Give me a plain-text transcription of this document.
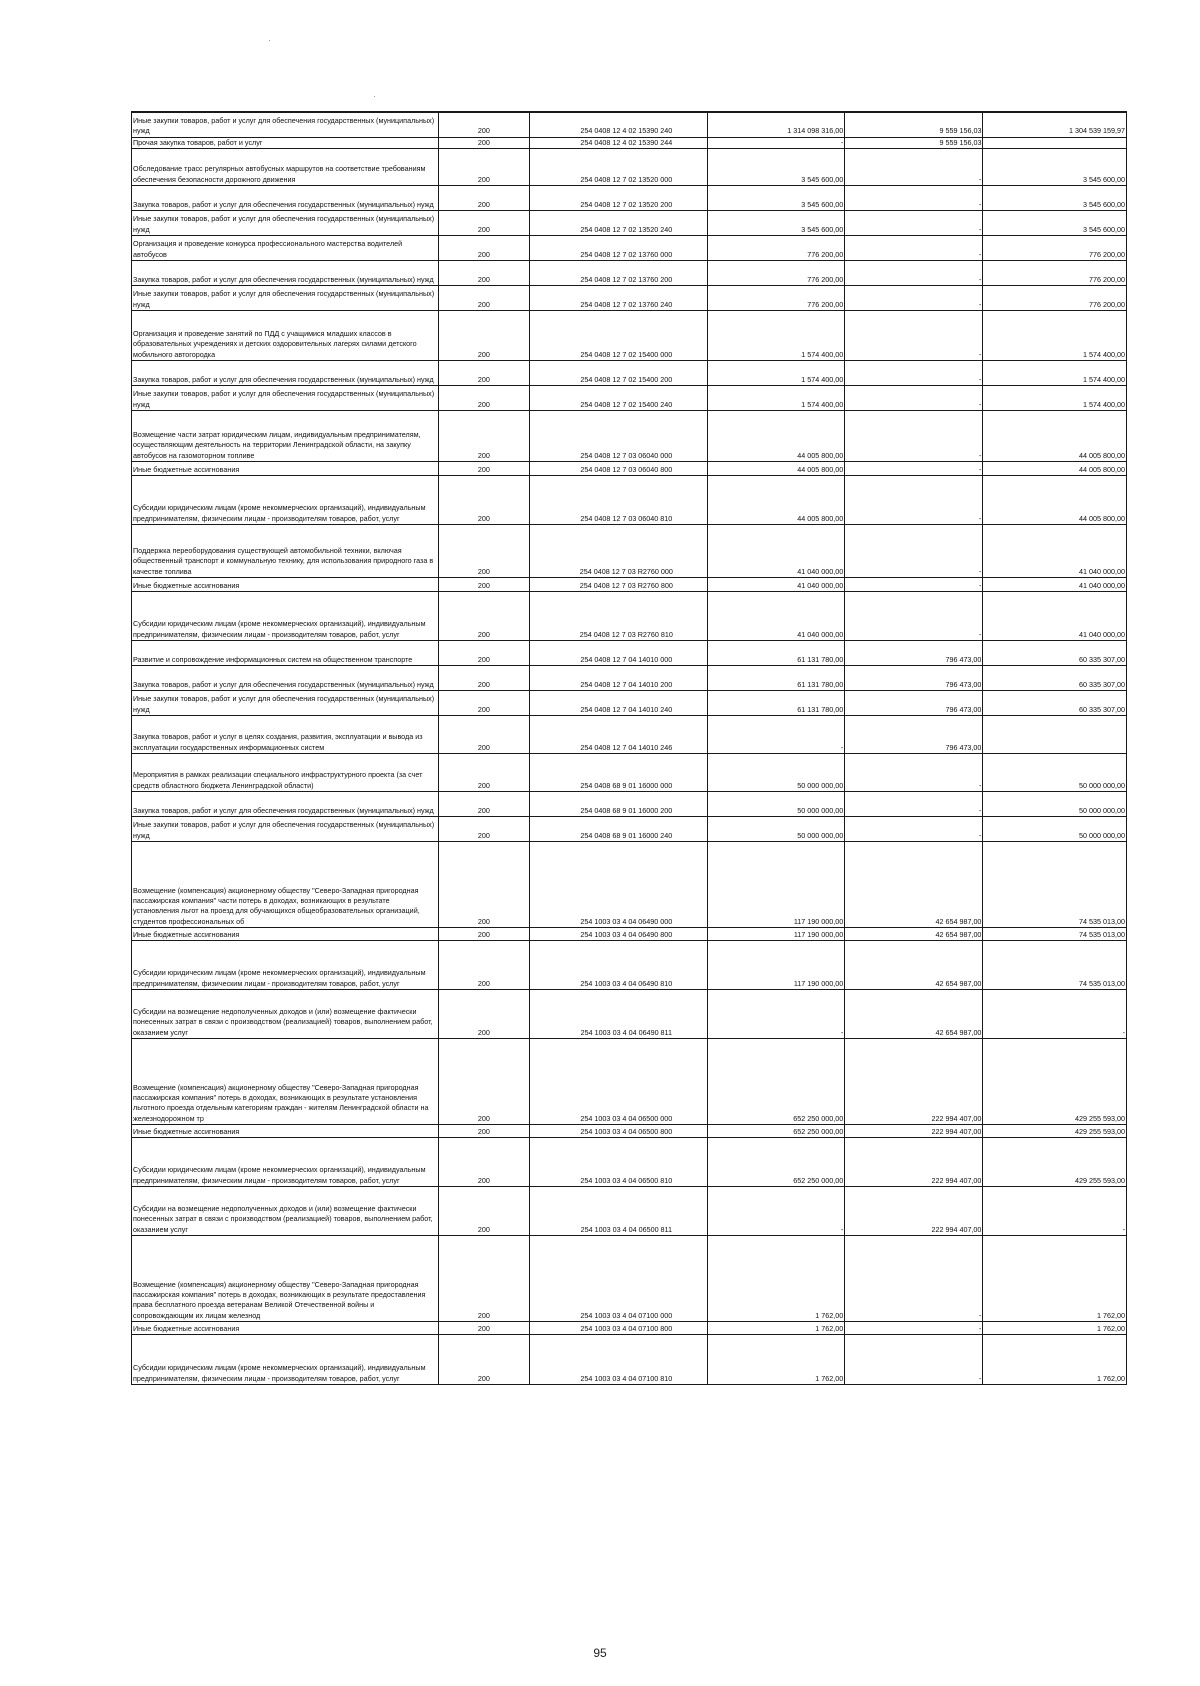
Иные закупки товаров, работ и услуг для обеспечения государственных (муниципальных) нужд	200	254 0408 12 4 02 15390 240	1 314 098 316,00	9 559 156,03	1 304 539 159,97
Прочая закупка товаров, работ и услуг	200	254 0408 12 4 02 15390 244	-	9 559 156,03	
Обследование трасс регулярных автобусных маршрутов на соответствие требованиям обеспечения безопасности дорожного движения	200	254 0408 12 7 02 13520 000	3 545 600,00	-	3 545 600,00
Закупка товаров, работ и услуг для обеспечения государственных (муниципальных) нужд	200	254 0408 12 7 02 13520 200	3 545 600,00	-	3 545 600,00
Иные закупки товаров, работ и услуг для обеспечения государственных (муниципальных) нужд	200	254 0408 12 7 02 13520 240	3 545 600,00	-	3 545 600,00
Организация и проведение конкурса профессионального мастерства водителей автобусов	200	254 0408 12 7 02 13760 000	776 200,00	-	776 200,00
Закупка товаров, работ и услуг для обеспечения государственных (муниципальных) нужд	200	254 0408 12 7 02 13760 200	776 200,00	-	776 200,00
Иные закупки товаров, работ и услуг для обеспечения государственных (муниципальных) нужд	200	254 0408 12 7 02 13760 240	776 200,00	-	776 200,00
Организация и проведение занятий по ПДД с учащимися младших классов в образовательных учреждениях и детских оздоровительных лагерях силами детского мобильного автогородка	200	254 0408 12 7 02 15400 000	1 574 400,00	-	1 574 400,00
Закупка товаров, работ и услуг для обеспечения государственных (муниципальных) нужд	200	254 0408 12 7 02 15400 200	1 574 400,00	-	1 574 400,00
Иные закупки товаров, работ и услуг для обеспечения государственных (муниципальных) нужд	200	254 0408 12 7 02 15400 240	1 574 400,00	-	1 574 400,00
Возмещение части затрат юридическим лицам, индивидуальным предпринимателям, осуществляющим деятельность на территории Ленинградской области, на закупку автобусов на газомоторном топливе	200	254 0408 12 7 03 06040 000	44 005 800,00	-	44 005 800,00
Иные бюджетные ассигнования	200	254 0408 12 7 03 06040 800	44 005 800,00	-	44 005 800,00
Субсидии юридическим лицам (кроме некоммерческих организаций), индивидуальным предпринимателям, физическим лицам - производителям товаров, работ, услуг	200	254 0408 12 7 03 06040 810	44 005 800,00	-	44 005 800,00
Поддержка переоборудования существующей автомобильной техники, включая общественный транспорт и коммунальную технику, для использования природного газа в качестве топлива	200	254 0408 12 7 03 R2760 000	41 040 000,00	-	41 040 000,00
Иные бюджетные ассигнования	200	254 0408 12 7 03 R2760 800	41 040 000,00	-	41 040 000,00
Субсидии юридическим лицам (кроме некоммерческих организаций), индивидуальным предпринимателям, физическим лицам - производителям товаров, работ, услуг	200	254 0408 12 7 03 R2760 810	41 040 000,00	-	41 040 000,00
Развитие и сопровождение информационных систем на общественном транспорте	200	254 0408 12 7 04 14010 000	61 131 780,00	796 473,00	60 335 307,00
Закупка товаров, работ и услуг для обеспечения государственных (муниципальных) нужд	200	254 0408 12 7 04 14010 200	61 131 780,00	796 473,00	60 335 307,00
Иные закупки товаров, работ и услуг для обеспечения государственных (муниципальных) нужд	200	254 0408 12 7 04 14010 240	61 131 780,00	796 473,00	60 335 307,00
Закупка товаров, работ и услуг в целях создания, развития, эксплуатации и вывода из эксплуатации государственных информационных систем	200	254 0408 12 7 04 14010 246	-	796 473,00	
Мероприятия в рамках реализации специального инфраструктурного проекта (за счет средств областного бюджета Ленинградской области)	200	254 0408 68 9 01 16000 000	50 000 000,00	-	50 000 000,00
Закупка товаров, работ и услуг для обеспечения государственных (муниципальных) нужд	200	254 0408 68 9 01 16000 200	50 000 000,00	-	50 000 000,00
Иные закупки товаров, работ и услуг для обеспечения государственных (муниципальных) нужд	200	254 0408 68 9 01 16000 240	50 000 000,00	-	50 000 000,00
Возмещение (компенсация) акционерному обществу "Северо-Западная пригородная пассажирская компания" части потерь в доходах, возникающих в результате установления льгот на проезд для обучающихся общеобразовательных организаций, студентов профессиональных об	200	254 1003 03 4 04 06490 000	117 190 000,00	42 654 987,00	74 535 013,00
Иные бюджетные ассигнования	200	254 1003 03 4 04 06490 800	117 190 000,00	42 654 987,00	74 535 013,00
Субсидии юридическим лицам (кроме некоммерческих организаций), индивидуальным предпринимателям, физическим лицам - производителям товаров, работ, услуг	200	254 1003 03 4 04 06490 810	117 190 000,00	42 654 987,00	74 535 013,00
Субсидии на возмещение недополученных доходов и (или) возмещение фактически понесенных затрат в связи с производством (реализацией) товаров, выполнением работ, оказанием услуг	200	254 1003 03 4 04 06490 811	-	42 654 987,00	-
Возмещение (компенсация) акционерному обществу "Северо-Западная пригородная пассажирская компания" потерь в доходах, возникающих в результате установления льготного проезда отдельным категориям граждан - жителям Ленинградской области на железнодорожном тр	200	254 1003 03 4 04 06500 000	652 250 000,00	222 994 407,00	429 255 593,00
Иные бюджетные ассигнования	200	254 1003 03 4 04 06500 800	652 250 000,00	222 994 407,00	429 255 593,00
Субсидии юридическим лицам (кроме некоммерческих организаций), индивидуальным предпринимателям, физическим лицам - производителям товаров, работ, услуг	200	254 1003 03 4 04 06500 810	652 250 000,00	222 994 407,00	429 255 593,00
Субсидии на возмещение недополученных доходов и (или) возмещение фактически понесенных затрат в связи с производством (реализацией) товаров, выполнением работ, оказанием услуг	200	254 1003 03 4 04 06500 811	-	222 994 407,00	-
Возмещение (компенсация) акционерному обществу "Северо-Западная пригородная пассажирская компания" потерь в доходах, возникающих в результате предоставления права бесплатного проезда ветеранам Великой Отечественной войны и сопровождающим их лицам железнод	200	254 1003 03 4 04 07100 000	1 762,00	-	1 762,00
Иные бюджетные ассигнования	200	254 1003 03 4 04 07100 800	1 762,00	-	1 762,00
Субсидии юридическим лицам (кроме некоммерческих организаций), индивидуальным предпринимателям, физическим лицам - производителям товаров, работ, услуг	200	254 1003 03 4 04 07100 810	1 762,00	-	1 762,00
95
